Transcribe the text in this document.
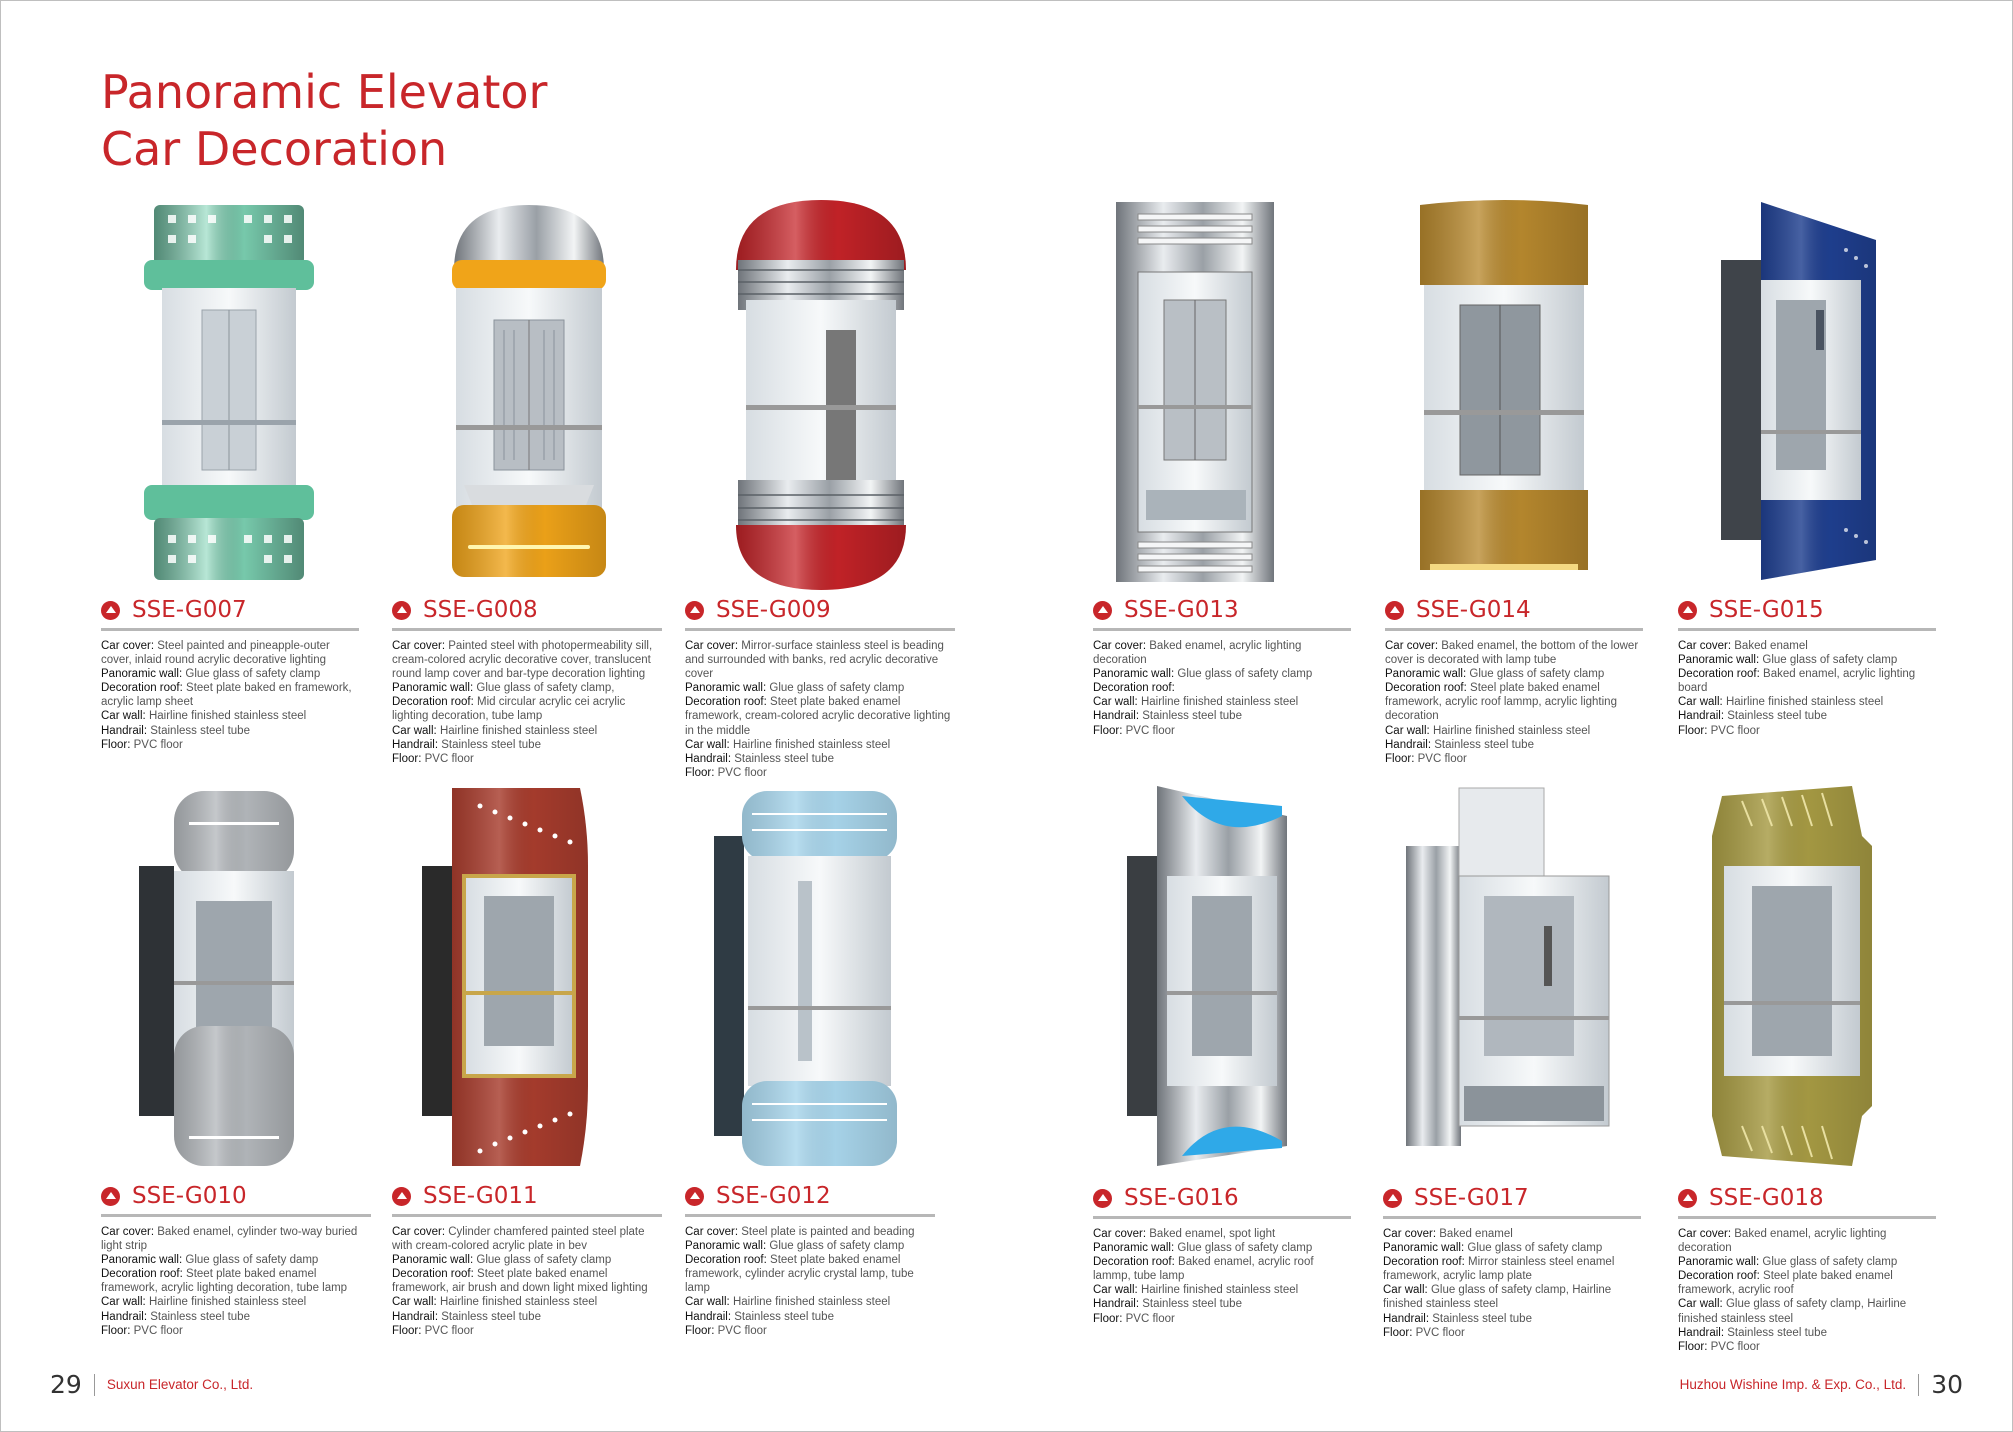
Panoramic Elevator
Car Decoration
SSE-G007
Car cover: Steel painted and pineapple-outer cover, inlaid round acrylic decorative lighting
Panoramic wall: Glue glass of safety clamp
Decoration roof: Steet plate baked en framework, acrylic lamp sheet
Car wall: Hairline finished stainless steel
Handrail: Stainless steel tube
Floor: PVC floor
SSE-G008
Car cover: Painted steel with photopermeability sill, cream-colored acrylic decorative cover, translucent round lamp cover and bar-type decoration lighting
Panoramic wall: Glue glass of safety clamp,
Decoration roof: Mid circular acrylic cei acrylic lighting decoration, tube lamp
Car wall: Hairline finished stainless steel
Handrail: Stainless steel tube
Floor: PVC floor
SSE-G009
Car cover: Mirror-surface stainless steel is beading and surrounded with banks, red acrylic decorative cover
Panoramic wall: Glue glass of safety clamp
Decoration roof: Steet plate baked enamel framework, cream-colored acrylic decorative lighting in the middle
Car wall: Hairline finished stainless steel
Handrail: Stainless steel tube
Floor: PVC floor
SSE-G013
Car cover: Baked enamel, acrylic lighting decoration
Panoramic wall: Glue glass of safety clamp
Decoration roof:
Car wall: Hairline finished stainless steel
Handrail: Stainless steel tube
Floor: PVC floor
SSE-G014
Car cover: Baked enamel, the bottom of the lower cover is decorated with lamp tube
Panoramic wall: Glue glass of safety clamp
Decoration roof: Steel plate baked enamel framework, acrylic roof lammp, acrylic lighting decoration
Car wall: Hairline finished stainless steel
Handrail: Stainless steel tube
Floor: PVC floor
SSE-G015
Car cover: Baked enamel
Panoramic wall: Glue glass of safety clamp
Decoration roof: Baked enamel, acrylic lighting board
Car wall: Hairline finished stainless steel
Handrail: Stainless steel tube
Floor: PVC floor
SSE-G010
Car cover: Baked enamel, cylinder two-way buried light strip
Panoramic wall: Glue glass of safety damp
Decoration roof: Steet plate baked enamel framework, acrylic lighting decoration, tube lamp
Car wall: Hairline finished stainless steel
Handrail: Stainless steel tube
Floor: PVC floor
SSE-G011
Car cover: Cylinder chamfered painted steel plate with cream-colored acrylic plate in bev
Panoramic wall: Glue glass of safety clamp
Decoration roof: Steet plate baked enamel framework, air brush and down light mixed lighting
Car wall: Hairline finished stainless steel
Handrail: Stainless steel tube
Floor: PVC floor
SSE-G012
Car cover: Steel plate is painted and beading
Panoramic wall: Glue glass of safety clamp
Decoration roof: Steet plate baked enamel framework, cylinder acrylic crystal lamp, tube lamp
Car wall: Hairline finished stainless steel
Handrail: Stainless steel tube
Floor: PVC floor
SSE-G016
Car cover: Baked enamel, spot light
Panoramic wall: Glue glass of safety clamp
Decoration roof: Baked enamel, acrylic roof lammp, tube lamp
Car wall: Hairline finished stainless steel
Handrail: Stainless steel tube
Floor: PVC floor
SSE-G017
Car cover: Baked enamel
Panoramic wall: Glue glass of safety clamp
Decoration roof: Mirror stainless steel enamel framework, acrylic lamp plate
Car wall: Glue glass of safety clamp, Hairline finished stainless steel
Handrail: Stainless steel tube
Floor: PVC floor
SSE-G018
Car cover: Baked enamel, acrylic lighting decoration
Panoramic wall: Glue glass of safety clamp
Decoration roof: Steel plate baked enamel framework, acrylic roof
Car wall: Glue glass of safety clamp, Hairline finished stainless steel
Handrail: Stainless steel tube
Floor: PVC floor
29 Suxun Elevator Co., Ltd.	Huzhou Wishine Imp. & Exp. Co., Ltd. 30
